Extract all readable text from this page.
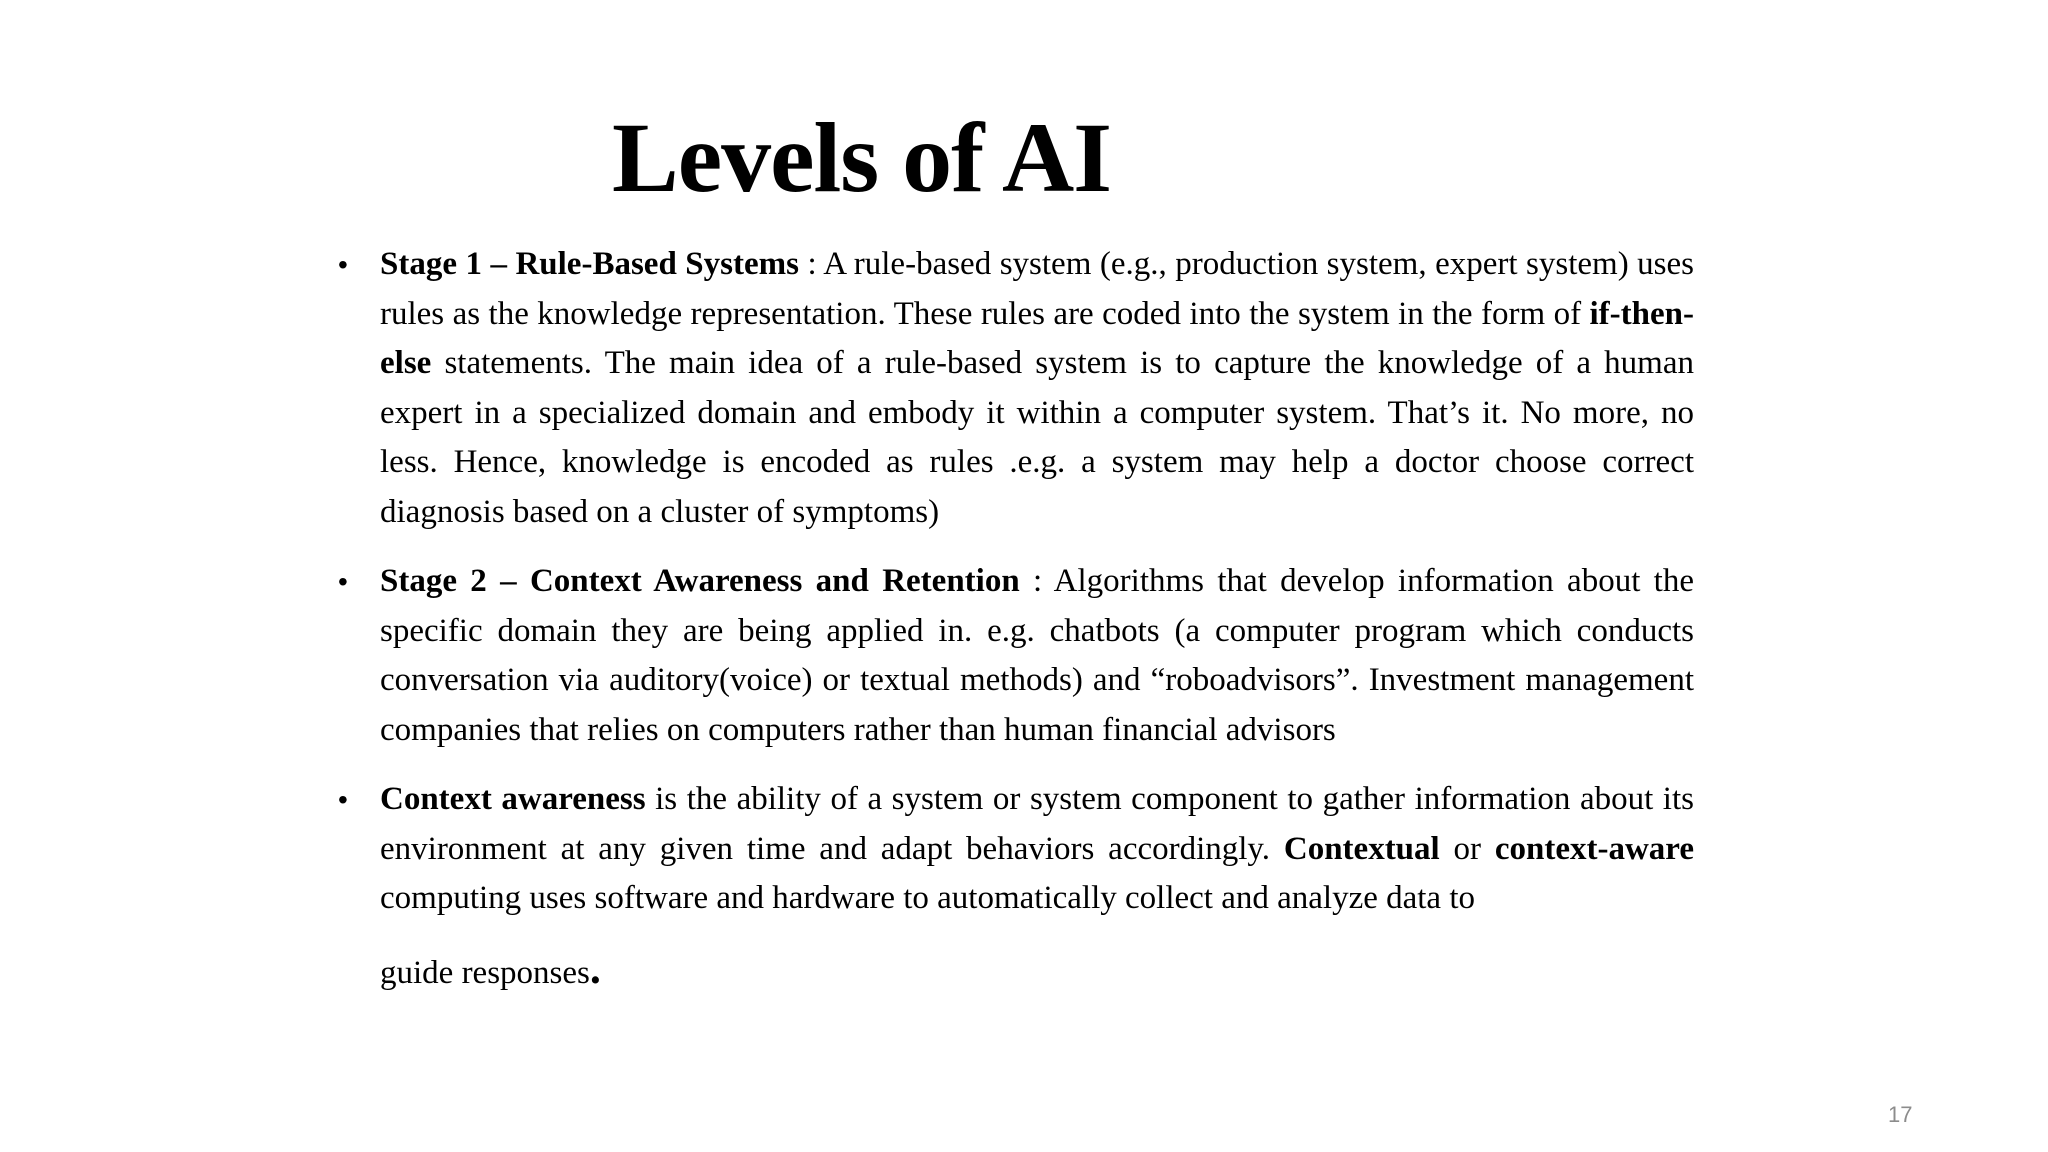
Levels of AI
• Stage 1 – Rule-Based Systems : A rule-based system (e.g., production system, expert system) uses rules as the knowledge representation. These rules are coded into the system in the form of if-then-else statements. The main idea of a rule-based system is to capture the knowledge of a human expert in a specialized domain and embody it within a computer system. That’s it. No more, no less. Hence, knowledge is encoded as rules .e.g. a system may help a doctor choose correct diagnosis based on a cluster of symptoms)
• Stage 2 – Context Awareness and Retention : Algorithms that develop information about the specific domain they are being applied in. e.g. chatbots (a computer program which conducts conversation via auditory(voice) or textual methods) and “roboadvisors”. Investment management companies that relies on computers rather than human financial advisors
• Context awareness is the ability of a system or system component to gather information about its environment at any given time and adapt behaviors accordingly. Contextual or context-aware computing uses software and hardware to automatically collect and analyze data to
guide responses.
17
